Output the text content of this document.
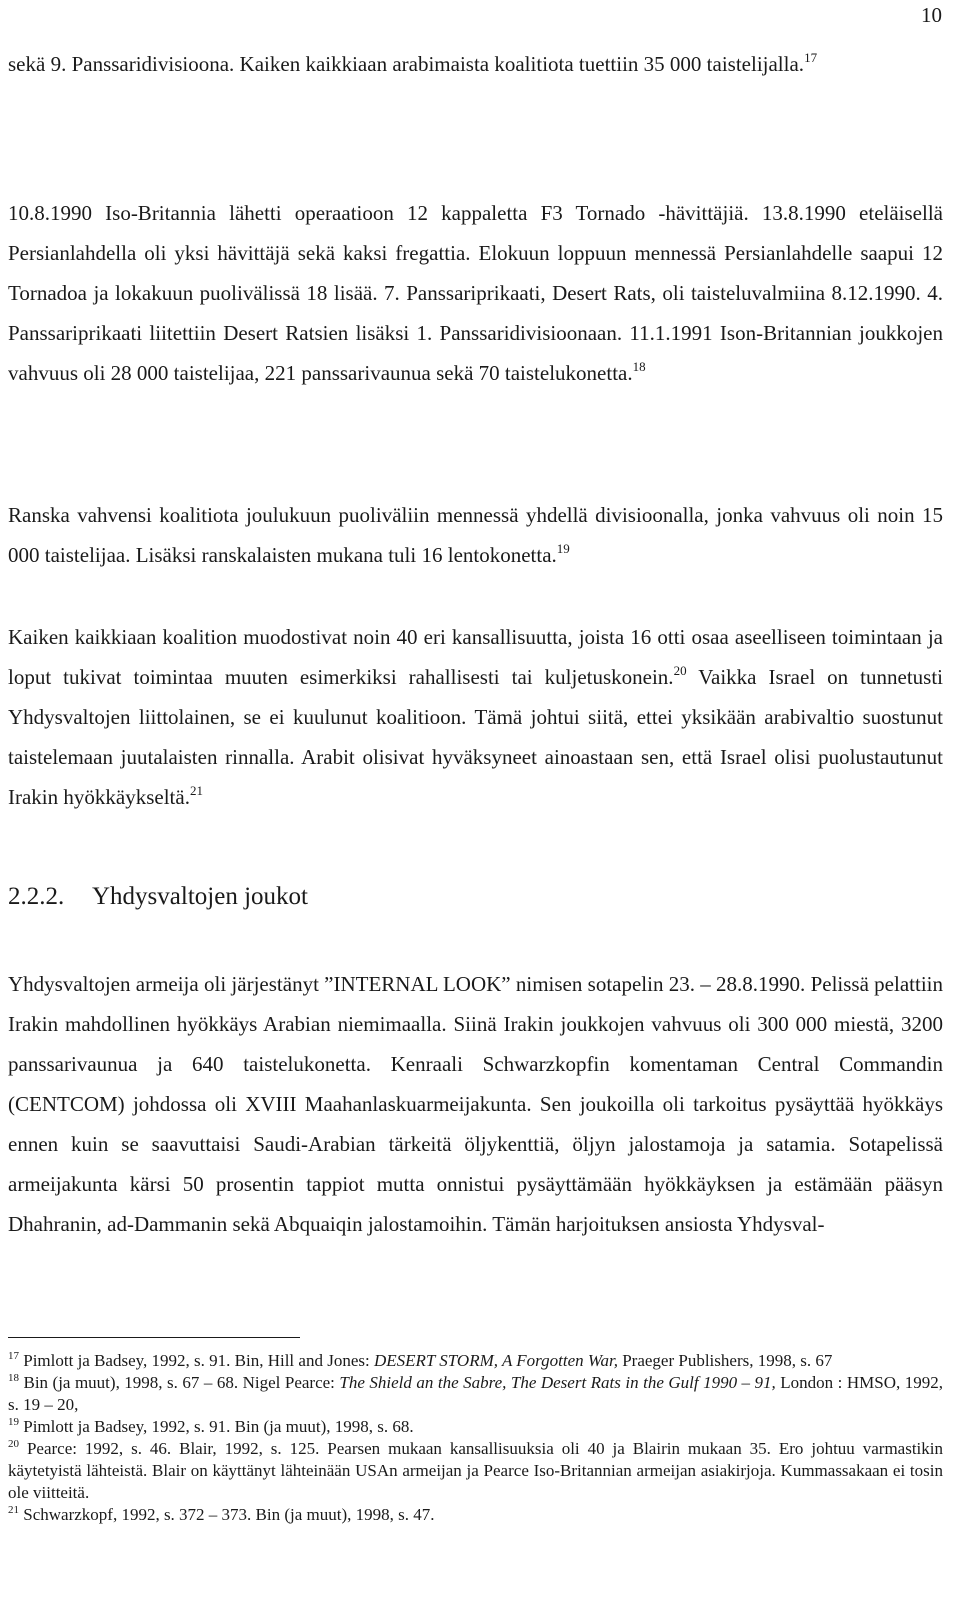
10

sekä 9. Panssaridivisioona. Kaiken kaikkiaan arabimaista koalitiota tuettiin 35 000 taistelijalla.$^{17}$

10.8.1990 Iso-Britannia lähetti operaatioon 12 kappaletta F3 Tornado -hävittäjiä. 13.8.1990 eteläisellä Persianlahdella oli yksi hävittäjä sekä kaksi fregattia. Elokuun loppuun mennessä Persianlahdelle saapui 12 Tornadoa ja lokakuun puolivälissä 18 lisää. 7. Panssariprikaati, Desert Rats, oli taisteluvalmiina 8.12.1990. 4. Panssariprikaati liitettiin Desert Ratsien lisäksi 1. Panssaridivisioonaan. 11.1.1991 Ison-Britannian joukkojen vahvuus oli 28 000 taistelijaa, 221 panssarivaunua sekä 70 taistelukonetta.$^{18}$

Ranska vahvensi koalitiota joulukuun puoliväliin mennessä yhdellä divisioonalla, jonka vahvuus oli noin 15 000 taistelijaa. Lisäksi ranskalaisten mukana tuli 16 lentokonetta.$^{19}$

Kaiken kaikkiaan koalition muodostivat noin 40 eri kansallisuutta, joista 16 otti osaa aseelliseen toimintaan ja loput tukivat toimintaa muuten esimerkiksi rahallisesti tai kuljetuskonein.$^{20}$ Vaikka Israel on tunnetusti Yhdysvaltojen liittolainen, se ei kuulunut koalitioon. Tämä johtui siitä, ettei yksikään arabivaltio suostunut taistelemaan juutalaisten rinnalla. Arabit olisivat hyväksyneet ainoastaan sen, että Israel olisi puolustautunut Irakin hyökkäykseltä.$^{21}$

2.2.2. Yhdysvaltojen joukot

Yhdysvaltojen armeija oli järjestänyt ”INTERNAL LOOK” nimisen sotapelin 23. – 28.8.1990. Pelissä pelattiin Irakin mahdollinen hyökkäys Arabian niemimaalla. Siinä Irakin joukkojen vahvuus oli 300 000 miestä, 3200 panssarivaunua ja 640 taistelukonetta. Kenraali Schwarzkopfin komentaman Central Commandin (CENTCOM) johdossa oli XVIII Maahanlaskuarmeijakunta. Sen joukoilla oli tarkoitus pysäyttää hyökkäys ennen kuin se saavuttaisi Saudi-Arabian tärkeitä öljykenttiä, öljyn jalostamoja ja satamia. Sotapelissä armeijakunta kärsi 50 prosentin tappiot mutta onnistui pysäyttämään hyökkäyksen ja estämään pääsyn Dhahranin, ad-Dammanin sekä Abquaiqin jalostamoihin. Tämän harjoituksen ansiosta Yhdysval-

$^{17}$ Pimlott ja Badsey, 1992, s. 91. Bin, Hill and Jones: DESERT STORM, A Forgotten War, Praeger Publishers, 1998, s. 67

$^{18}$ Bin (ja muut), 1998, s. 67 – 68. Nigel Pearce: The Shield an the Sabre, The Desert Rats in the Gulf 1990 – 91, London : HMSO, 1992, s. 19 – 20,

$^{19}$ Pimlott ja Badsey, 1992, s. 91. Bin (ja muut), 1998, s. 68.

$^{20}$ Pearce: 1992, s. 46. Blair, 1992, s. 125. Pearsen mukaan kansallisuuksia oli 40 ja Blairin mukaan 35. Ero johtuu varmastikin käytetyistä lähteistä. Blair on käyttänyt lähteinään USAn armeijan ja Pearce Iso-Britannian armeijan asiakirjoja. Kummassakaan ei tosin ole viitteitä.

$^{21}$ Schwarzkopf, 1992, s. 372 – 373. Bin (ja muut), 1998, s. 47.
